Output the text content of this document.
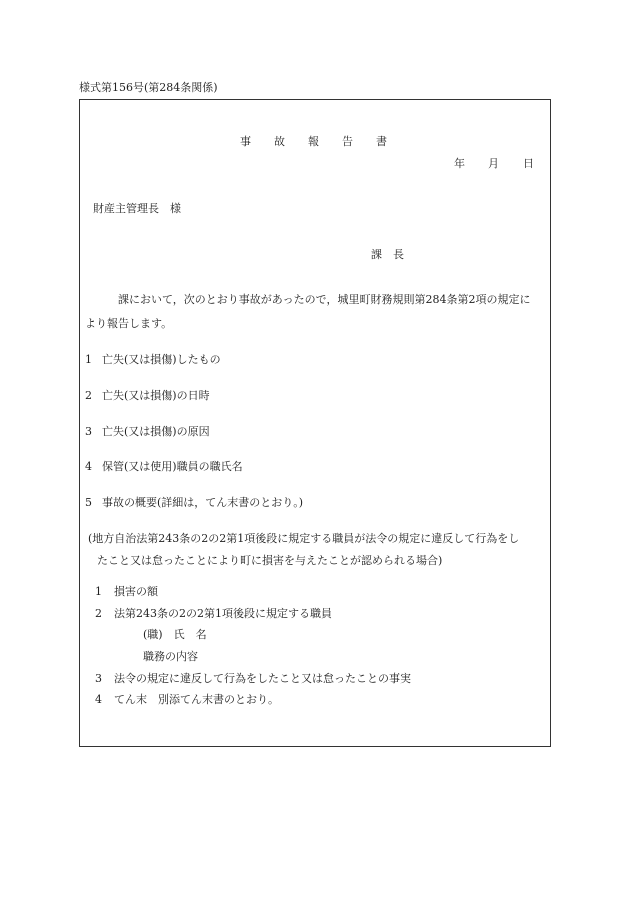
様式第156号(第284条関係)
事 故 報 告 書
年 月 日
財産主管理長　様
課　長
課において，次のとおり事故があったので，城里町財務規則第284条第2項の規定に
より報告します。
1 亡失(又は損傷)したもの
2 亡失(又は損傷)の日時
3 亡失(又は損傷)の原因
4 保管(又は使用)職員の職氏名
5 事故の概要(詳細は，てん末書のとおり。)
(地方自治法第243条の2の2第1項後段に規定する職員が法令の規定に違反して行為をし
たこと又は怠ったことにより町に損害を与えたことが認められる場合)
1 損害の額
2 法第243条の2の2第1項後段に規定する職員
(職)　氏　名
職務の内容
3 法令の規定に違反して行為をしたこと又は怠ったことの事実
4 てん末　別添てん末書のとおり。
